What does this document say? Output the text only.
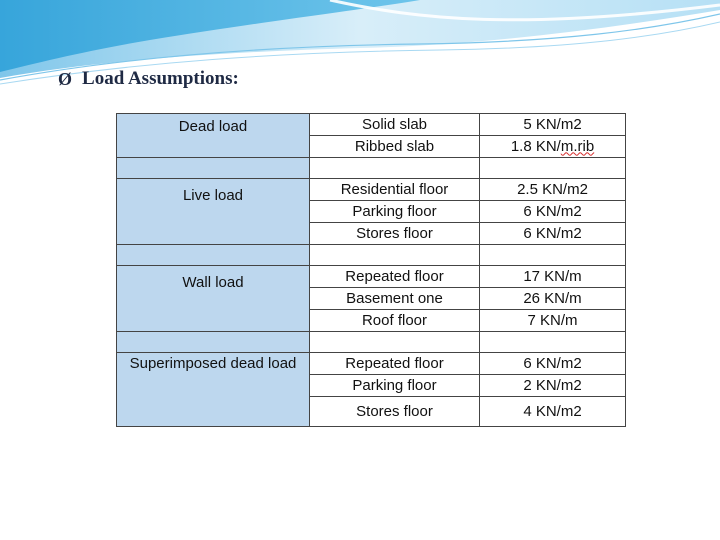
Ø Load Assumptions:
Dead load	Solid slab	5 KN/m2
	Ribbed slab	1.8 KN/m.rib

Live load	Residential floor	2.5 KN/m2
	Parking floor	6 KN/m2
	Stores floor	6 KN/m2

Wall load	Repeated floor	17 KN/m
	Basement one	26 KN/m
	Roof floor	7 KN/m

Superimposed dead load	Repeated floor	6 KN/m2
	Parking floor	2 KN/m2
	Stores floor	4 KN/m2
